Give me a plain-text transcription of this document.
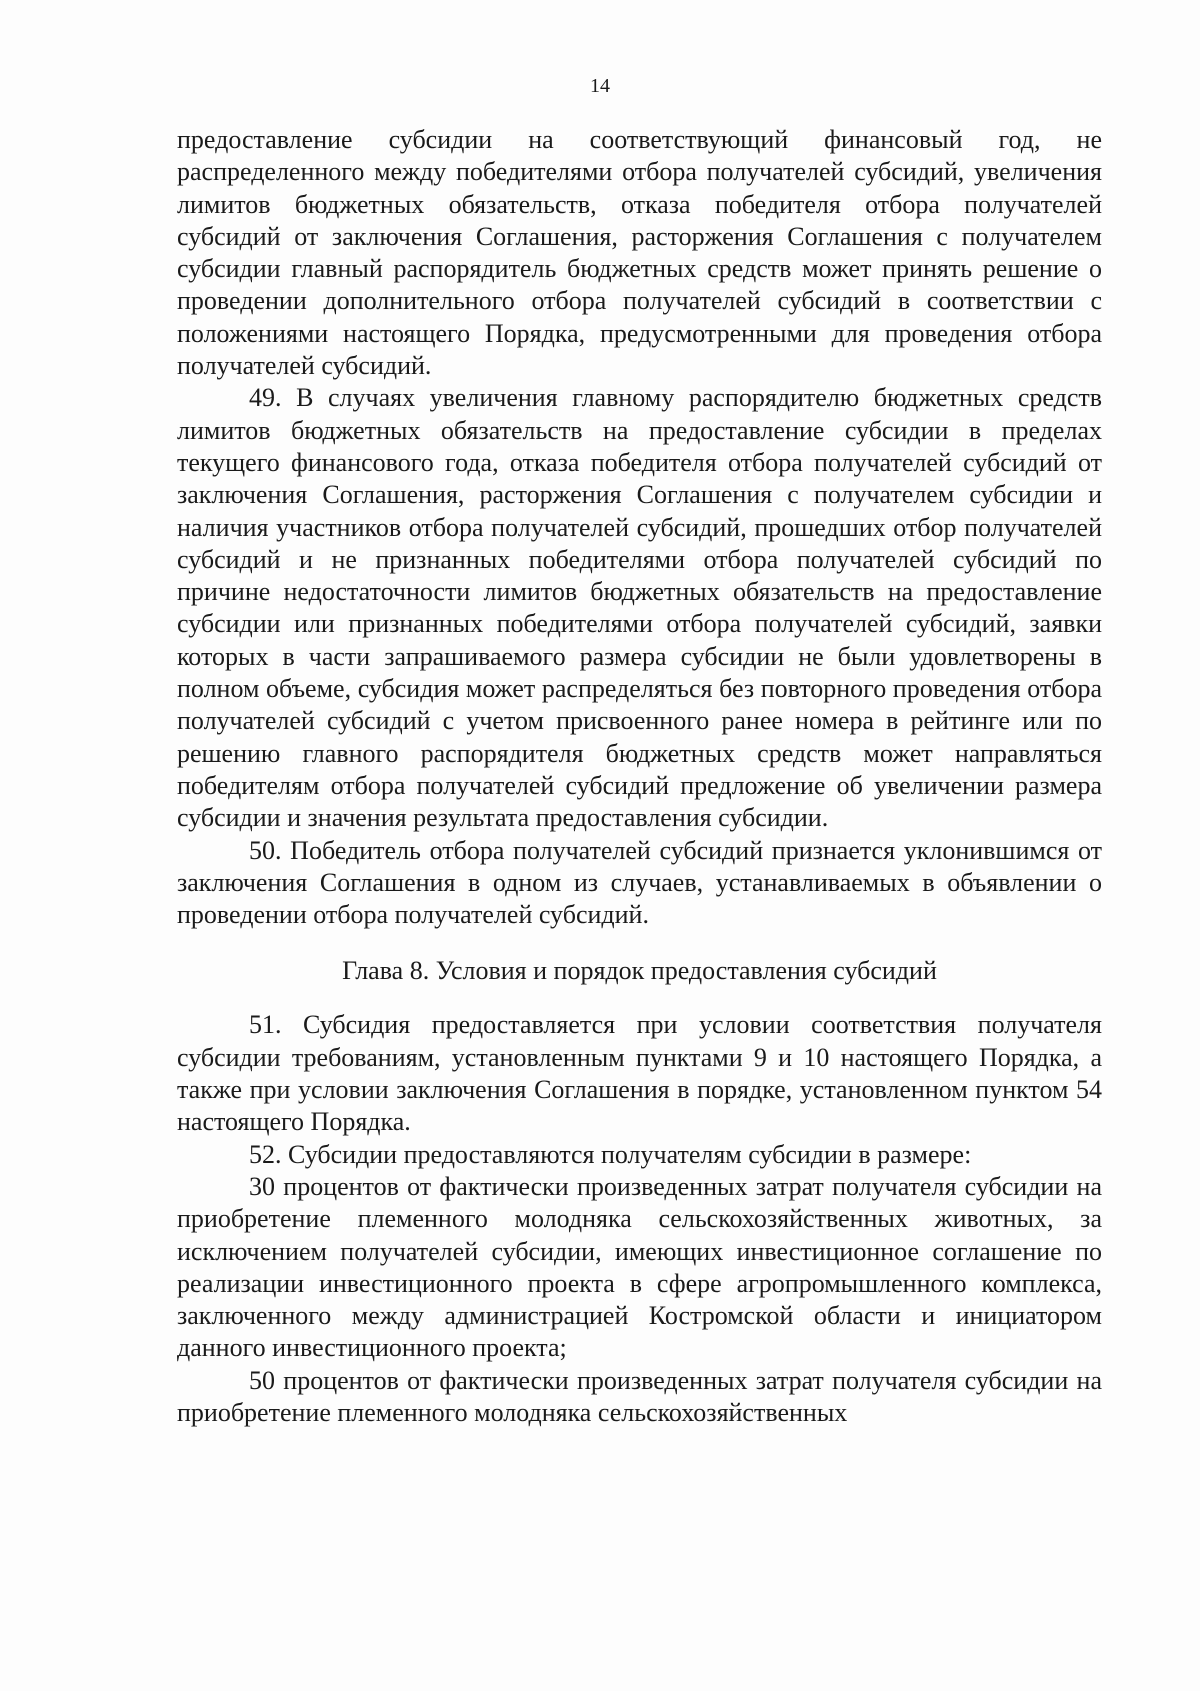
14

предоставление субсидии на соответствующий финансовый год, не распределенного между победителями отбора получателей субсидий, увеличения лимитов бюджетных обязательств, отказа победителя отбора получателей субсидий от заключения Соглашения, расторжения Соглашения с получателем субсидии главный распорядитель бюджетных средств может принять решение о проведении дополнительного отбора получателей субсидий в соответствии с положениями настоящего Порядка, предусмотренными для проведения отбора получателей субсидий.

49. В случаях увеличения главному распорядителю бюджетных средств лимитов бюджетных обязательств на предоставление субсидии в пределах текущего финансового года, отказа победителя отбора получателей субсидий от заключения Соглашения, расторжения Соглашения с получателем субсидии и наличия участников отбора получателей субсидий, прошедших отбор получателей субсидий и не признанных победителями отбора получателей субсидий по причине недостаточности лимитов бюджетных обязательств на предоставление субсидии или признанных победителями отбора получателей субсидий, заявки которых в части запрашиваемого размера субсидии не были удовлетворены в полном объеме, субсидия может распределяться без повторного проведения отбора получателей субсидий с учетом присвоенного ранее номера в рейтинге или по решению главного распорядителя бюджетных средств может направляться победителям отбора получателей субсидий предложение об увеличении размера субсидии и значения результата предоставления субсидии.

50. Победитель отбора получателей субсидий признается уклонившимся от заключения Соглашения в одном из случаев, устанавливаемых в объявлении о проведении отбора получателей субсидий.

Глава 8. Условия и порядок предоставления субсидий

51. Субсидия предоставляется при условии соответствия получателя субсидии требованиям, установленным пунктами 9 и 10 настоящего Порядка, а также при условии заключения Соглашения в порядке, установленном пунктом 54 настоящего Порядка.

52. Субсидии предоставляются получателям субсидии в размере:

30 процентов от фактически произведенных затрат получателя субсидии на приобретение племенного молодняка сельскохозяйственных животных, за исключением получателей субсидии, имеющих инвестиционное соглашение по реализации инвестиционного проекта в сфере агропромышленного комплекса, заключенного между администрацией Костромской области и инициатором данного инвестиционного проекта;

50 процентов от фактически произведенных затрат получателя субсидии на приобретение племенного молодняка сельскохозяйственных
